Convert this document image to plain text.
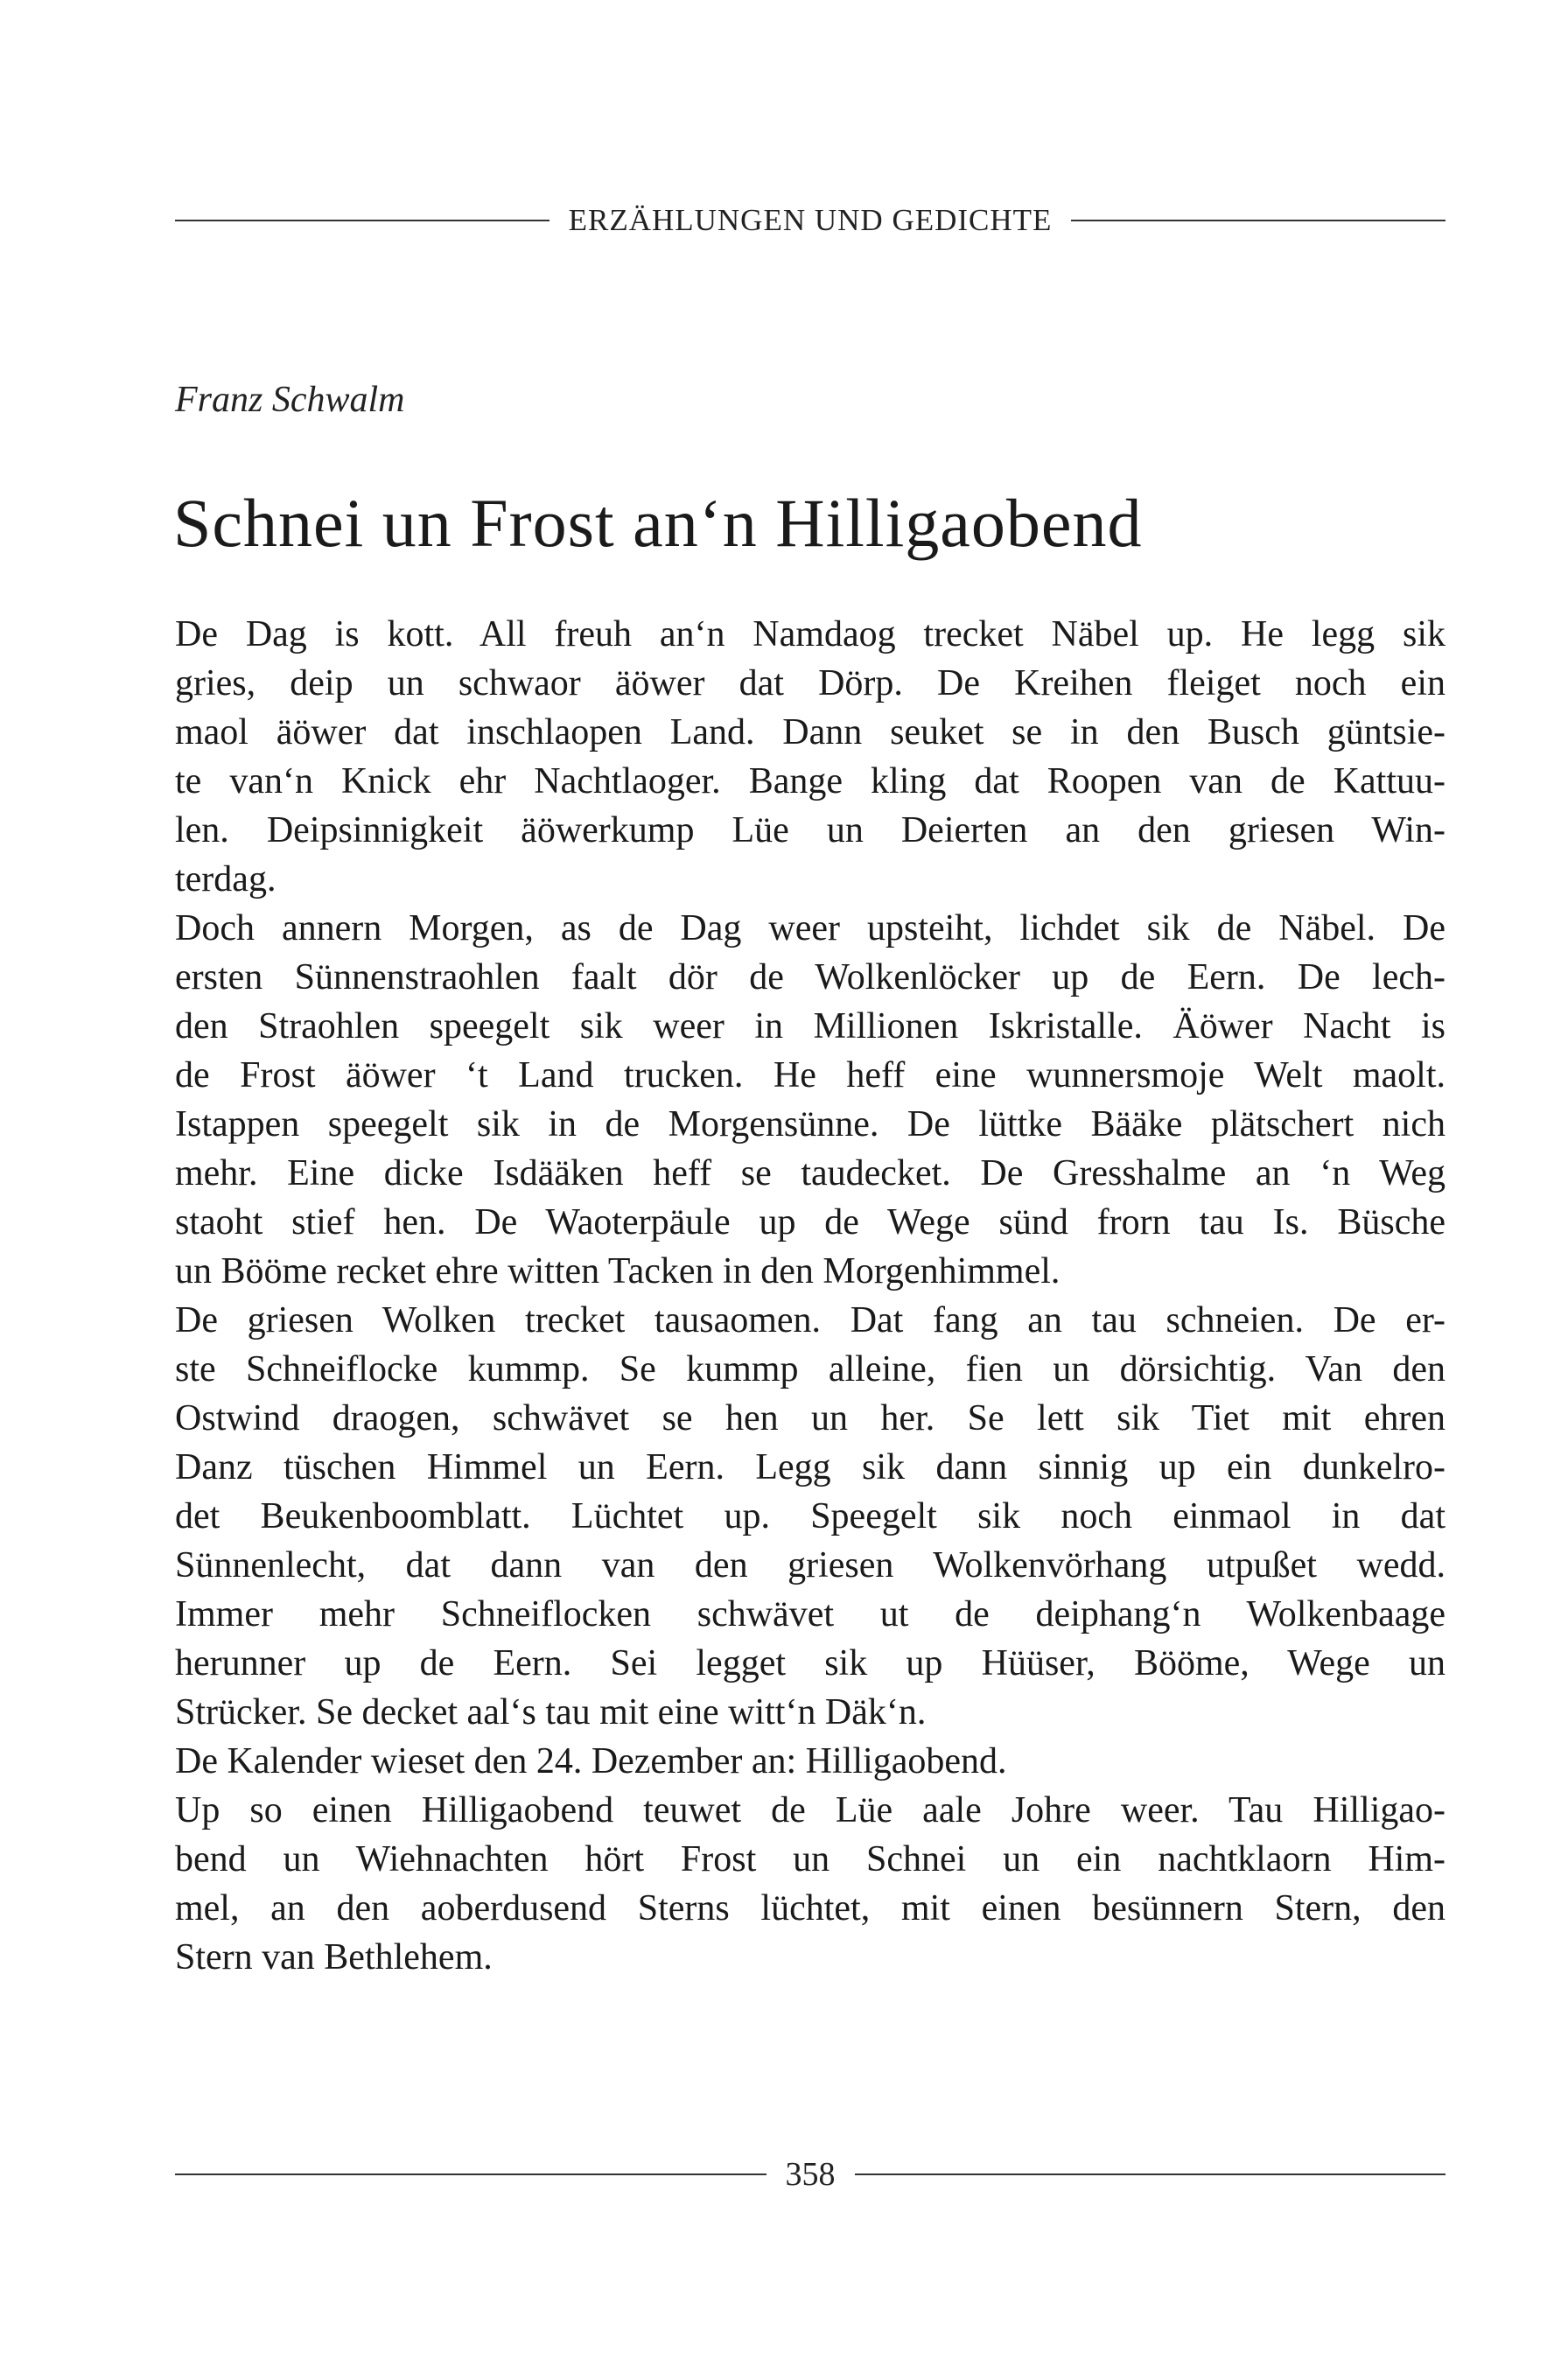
ERZÄHLUNGEN UND GEDICHTE
Franz Schwalm
Schnei un Frost an‘n Hilligaobend
De Dag is kott. All freuh an‘n Namdaog trecket Näbel up. He legg sik
gries, deip un schwaor äöwer dat Dörp. De Kreihen fleiget noch ein
maol äöwer dat inschlaopen Land. Dann seuket se in den Busch güntsie-
te van‘n Knick ehr Nachtlaoger. Bange kling dat Roopen van de Kattuu-
len. Deipsinnigkeit äöwerkump Lüe un Deierten an den griesen Win-
terdag.
Doch annern Morgen, as de Dag weer upsteiht, lichdet sik de Näbel. De
ersten Sünnenstraohlen faalt dör de Wolkenlöcker up de Eern. De lech-
den Straohlen speegelt sik weer in Millionen Iskristalle. Äöwer Nacht is
de Frost äöwer ‘t Land trucken. He heff eine wunnersmoje Welt maolt.
Istappen speegelt sik in de Morgensünne. De lüttke Bääke plätschert nich
mehr. Eine dicke Isdääken heff se taudecket. De Gresshalme an ‘n Weg
staoht stief hen. De Waoterpäule up de Wege sünd frorn tau Is. Büsche
un Bööme recket ehre witten Tacken in den Morgenhimmel.
De griesen Wolken trecket tausaomen. Dat fang an tau schneien. De er-
ste Schneiflocke kummp. Se kummp alleine, fien un dörsichtig. Van den
Ostwind draogen, schwävet se hen un her. Se lett sik Tiet mit ehren
Danz tüschen Himmel un Eern. Legg sik dann sinnig up ein dunkelro-
det Beukenboomblatt. Lüchtet up. Speegelt sik noch einmaol in dat
Sünnenlecht, dat dann van den griesen Wolkenvörhang utpußet wedd.
Immer mehr Schneiflocken schwävet ut de deiphang‘n Wolkenbaage
herunner up de Eern. Sei legget sik up Hüüser, Bööme, Wege un
Strücker. Se decket aal‘s tau mit eine witt‘n Däk‘n.
De Kalender wieset den 24. Dezember an: Hilligaobend.
Up so einen Hilligaobend teuwet de Lüe aale Johre weer. Tau Hilligao-
bend un Wiehnachten hört Frost un Schnei un ein nachtklaorn Him-
mel, an den aoberdusend Sterns lüchtet, mit einen besünnern Stern, den
Stern van Bethlehem.
358
